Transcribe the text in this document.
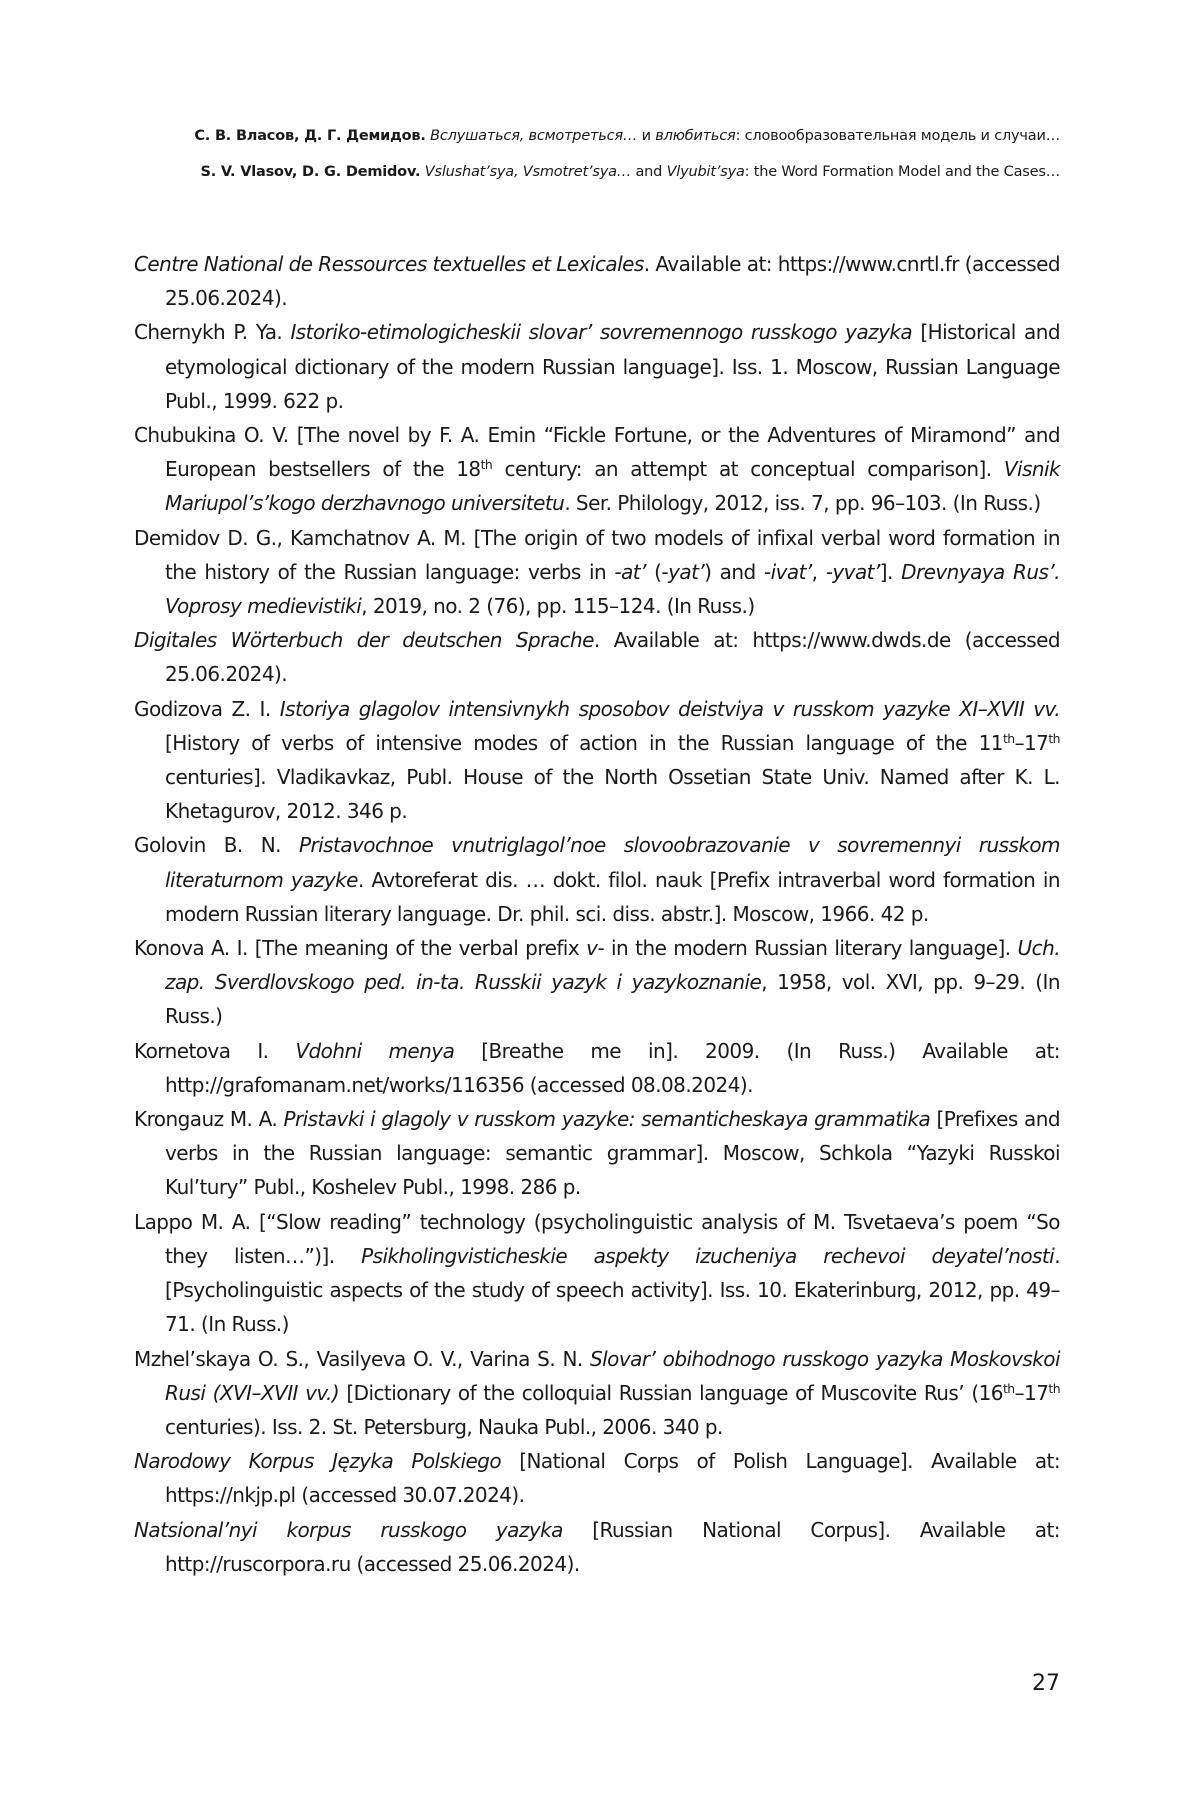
С. В. Власов, Д. Г. Демидов. Вслушаться, всмотреться… и влюбиться: словообразовательная модель и случаи…
S. V. Vlasov, D. G. Demidov. Vslushat’sya, Vsmotret’sya… and Vlyubit’sya: the Word Formation Model and the Cases…
Centre National de Ressources textuelles et Lexicales. Available at: https://www.cnrtl.fr (accessed 25.06.2024).
Chernykh P. Ya. Istoriko-etimologicheskii slovar’ sovremennogo russkogo yazyka [Historical and etymological dictionary of the modern Russian language]. Iss. 1. Moscow, Russian Language Publ., 1999. 622 p.
Chubukina O. V. [The novel by F. A. Emin “Fickle Fortune, or the Adventures of Miramond” and European bestsellers of the 18th century: an attempt at conceptual comparison]. Visnik Mariupol’s’kogo derzhavnogo universitetu. Ser. Philology, 2012, iss. 7, pp. 96–103. (In Russ.)
Demidov D. G., Kamchatnov A. M. [The origin of two models of infixal verbal word formation in the history of the Russian language: verbs in -at’ (-yat’) and -ivat’, -yvat’]. Drevnyaya Rus’. Voprosy medievistiki, 2019, no. 2 (76), pp. 115–124. (In Russ.)
Digitales Wörterbuch der deutschen Sprache. Available at: https://www.dwds.de (accessed 25.06.2024).
Godizova Z. I. Istoriya glagolov intensivnykh sposobov deistviya v russkom yazyke XI–XVII vv. [History of verbs of intensive modes of action in the Russian language of the 11th–17th centuries]. Vladikavkaz, Publ. House of the North Ossetian State Univ. Named after K. L. Khetagurov, 2012. 346 p.
Golovin B. N. Pristavochnoe vnutriglagol’noe slovoobrazovanie v sovremennyi russkom literaturnom yazyke. Avtoreferat dis. … dokt. filol. nauk [Prefix intraverbal word formation in modern Russian literary language. Dr. phil. sci. diss. abstr.]. Moscow, 1966. 42 p.
Konova A. I. [The meaning of the verbal prefix v- in the modern Russian literary language]. Uch. zap. Sverdlovskogo ped. in-ta. Russkii yazyk i yazykoznanie, 1958, vol. XVI, pp. 9–29. (In Russ.)
Kornetova I. Vdohni menya [Breathe me in]. 2009. (In Russ.) Available at: http://grafomanam.net/works/116356 (accessed 08.08.2024).
Krongauz M. A. Pristavki i glagoly v russkom yazyke: semanticheskaya grammatika [Prefixes and verbs in the Russian language: semantic grammar]. Moscow, Schkola “Yazyki Russkoi Kul’tury” Publ., Koshelev Publ., 1998. 286 p.
Lappo M. A. [“Slow reading” technology (psycholinguistic analysis of M. Tsvetaeva’s poem “So they listen…”)]. Psikholingvisticheskie aspekty izucheniya rechevoi deyatel’nosti. [Psycholinguistic aspects of the study of speech activity]. Iss. 10. Ekaterinburg, 2012, pp. 49–71. (In Russ.)
Mzhel’skaya O. S., Vasilyeva O. V., Varina S. N. Slovar’ obihodnogo russkogo yazyka Moskovskoi Rusi (XVI–XVII vv.) [Dictionary of the colloquial Russian language of Muscovite Rus’ (16th–17th centuries). Iss. 2. St. Petersburg, Nauka Publ., 2006. 340 p.
Narodowy Korpus Języka Polskiego [National Corps of Polish Language]. Available at: https://nkjp.pl (accessed 30.07.2024).
Natsional’nyi korpus russkogo yazyka [Russian National Corpus]. Available at: http://ruscorpora.ru (accessed 25.06.2024).
27
